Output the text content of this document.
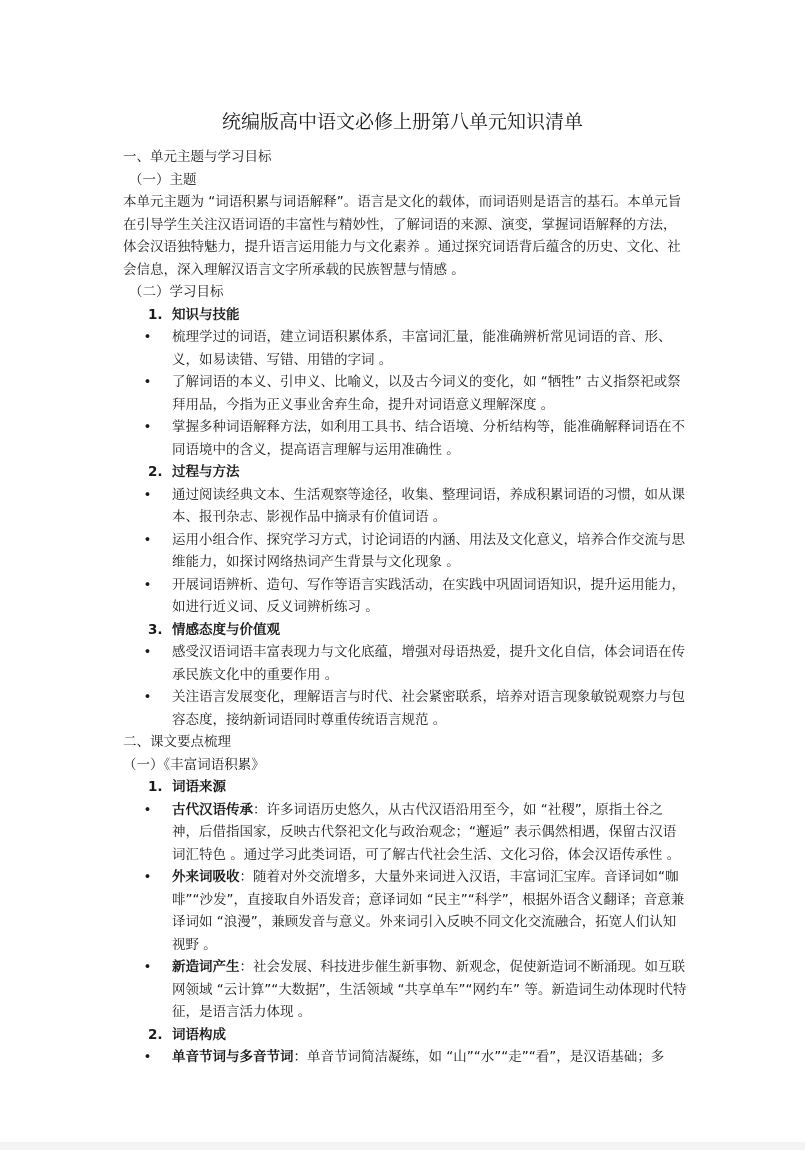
统编版高中语文必修上册第八单元知识清单

一、单元主题与学习目标

（一）主题

本单元主题为 “词语积累与词语解释”。语言是文化的载体，而词语则是语言的基石。本单元旨在引导学生关注汉语词语的丰富性与精妙性，了解词语的来源、演变，掌握词语解释的方法，体会汉语独特魅力，提升语言运用能力与文化素养 。通过探究词语背后蕴含的历史、文化、社会信息，深入理解汉语言文字所承载的民族智慧与情感 。

（二）学习目标

1. 知识与技能
•	梳理学过的词语，建立词语积累体系，丰富词汇量，能准确辨析常见词语的音、形、义，如易读错、写错、用错的字词 。
•	了解词语的本义、引申义、比喻义，以及古今词义的变化，如 “牺牲” 古义指祭祀或祭拜用品，今指为正义事业舍弃生命，提升对词语意义理解深度 。
•	掌握多种词语解释方法，如利用工具书、结合语境、分析结构等，能准确解释词语在不同语境中的含义，提高语言理解与运用准确性 。
2. 过程与方法
•	通过阅读经典文本、生活观察等途径，收集、整理词语，养成积累词语的习惯，如从课本、报刊杂志、影视作品中摘录有价值词语 。
•	运用小组合作、探究学习方式，讨论词语的内涵、用法及文化意义，培养合作交流与思维能力，如探讨网络热词产生背景与文化现象 。
•	开展词语辨析、造句、写作等语言实践活动，在实践中巩固词语知识，提升运用能力，如进行近义词、反义词辨析练习 。
3. 情感态度与价值观
•	感受汉语词语丰富表现力与文化底蕴，增强对母语热爱，提升文化自信，体会词语在传承民族文化中的重要作用 。
•	关注语言发展变化，理解语言与时代、社会紧密联系，培养对语言现象敏锐观察力与包容态度，接纳新词语同时尊重传统语言规范 。

二、课文要点梳理

（一）《丰富词语积累》

1. 词语来源
•	古代汉语传承：许多词语历史悠久，从古代汉语沿用至今，如 “社稷”，原指土谷之神，后借指国家，反映古代祭祀文化与政治观念；“邂逅” 表示偶然相遇，保留古汉语词汇特色 。通过学习此类词语，可了解古代社会生活、文化习俗，体会汉语传承性 。
•	外来词吸收：随着对外交流增多，大量外来词进入汉语，丰富词汇宝库。音译词如“咖啡”“沙发”，直接取自外语发音；意译词如 “民主”“科学”，根据外语含义翻译；音意兼译词如 “浪漫”，兼顾发音与意义。外来词引入反映不同文化交流融合，拓宽人们认知视野 。
•	新造词产生：社会发展、科技进步催生新事物、新观念，促使新造词不断涌现。如互联网领域 “云计算”“大数据”，生活领域 “共享单车”“网约车” 等。新造词生动体现时代特征，是语言活力体现 。
2. 词语构成
•	单音节词与多音节词：单音节词简洁凝练，如 “山”“水”“走”“看”，是汉语基础；多
